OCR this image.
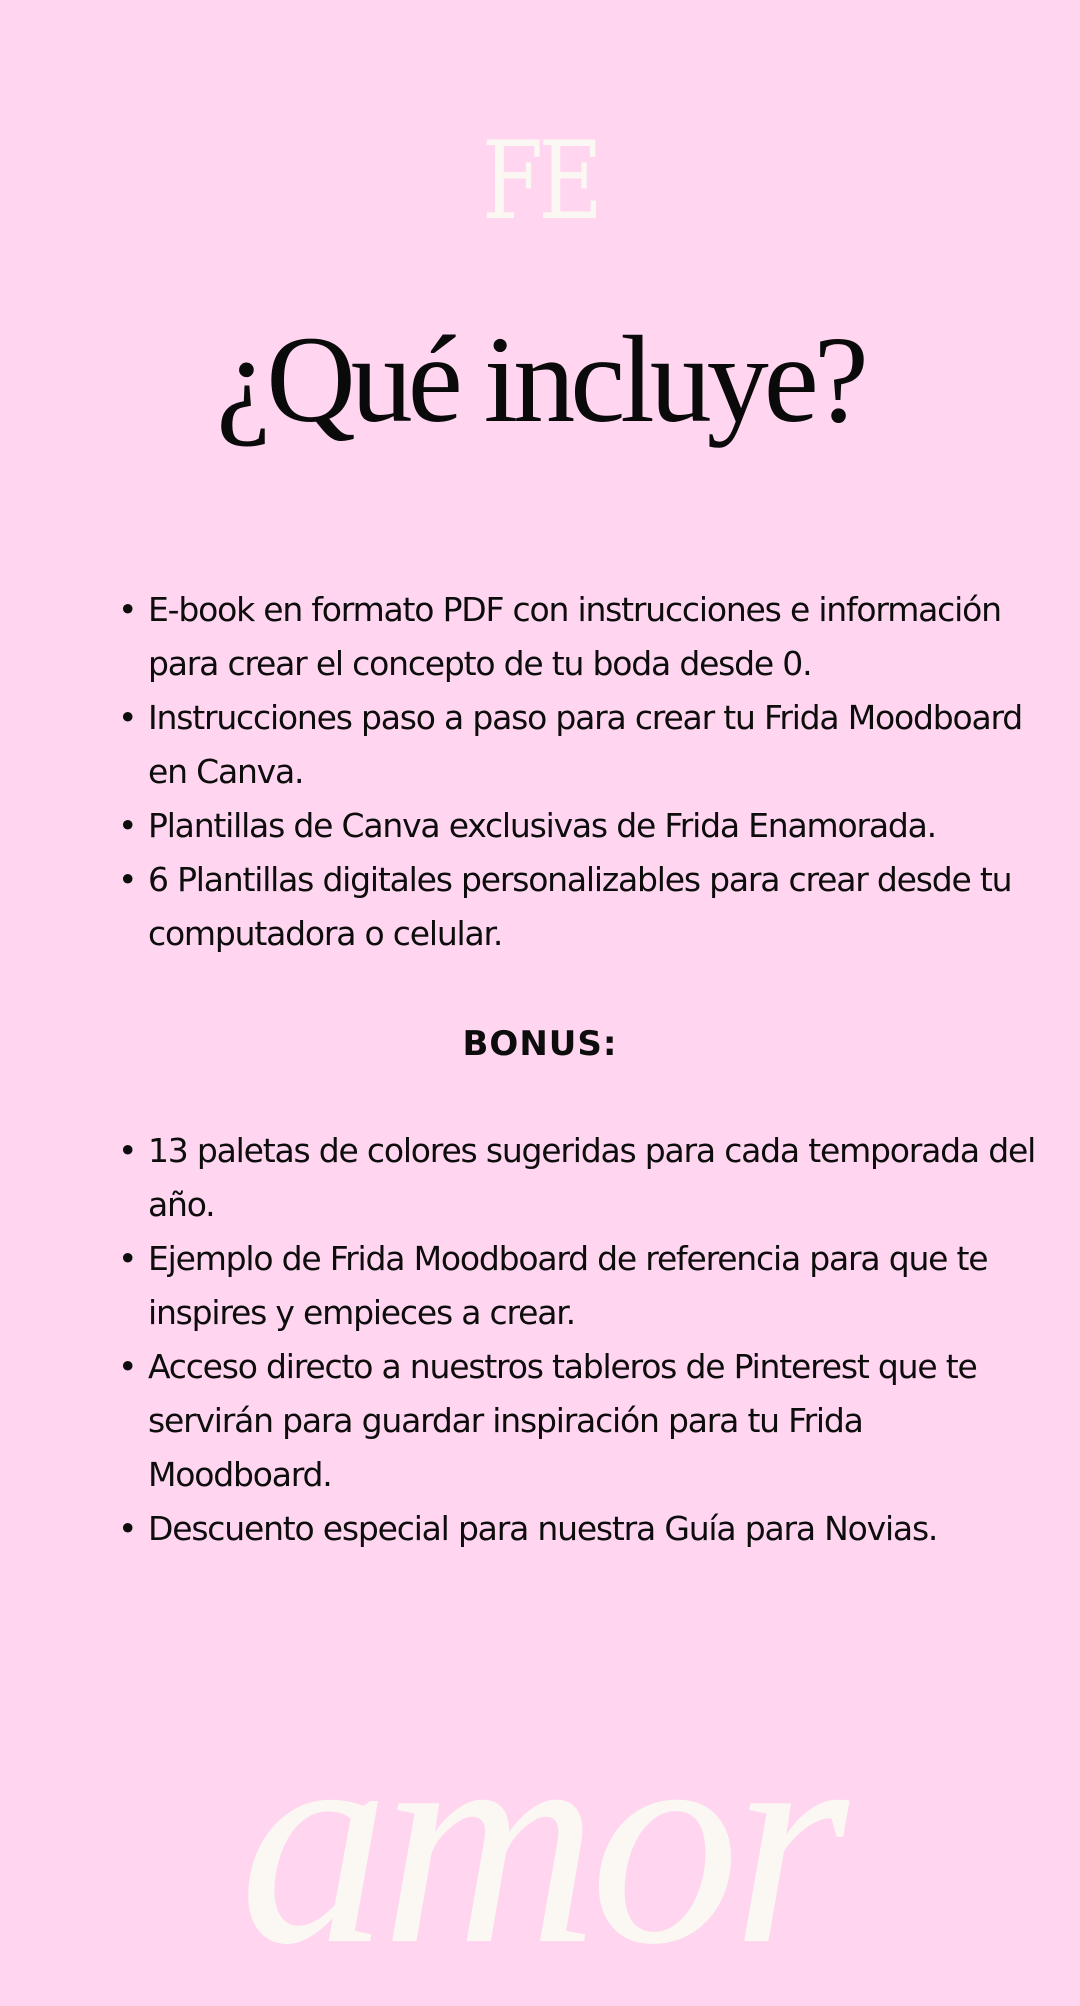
FE
¿Qué incluye?
• E-book en formato PDF con instrucciones e información para crear el concepto de tu boda desde 0.
• Instrucciones paso a paso para crear tu Frida Moodboard en Canva.
• Plantillas de Canva exclusivas de Frida Enamorada.
• 6 Plantillas digitales personalizables para crear desde tu computadora o celular.
BONUS:
• 13 paletas de colores sugeridas para cada temporada del año.
• Ejemplo de Frida Moodboard de referencia para que te inspires y empieces a crear.
• Acceso directo a nuestros tableros de Pinterest que te servirán para guardar inspiración para tu Frida Moodboard.
• Descuento especial para nuestra Guía para Novias.
amor
